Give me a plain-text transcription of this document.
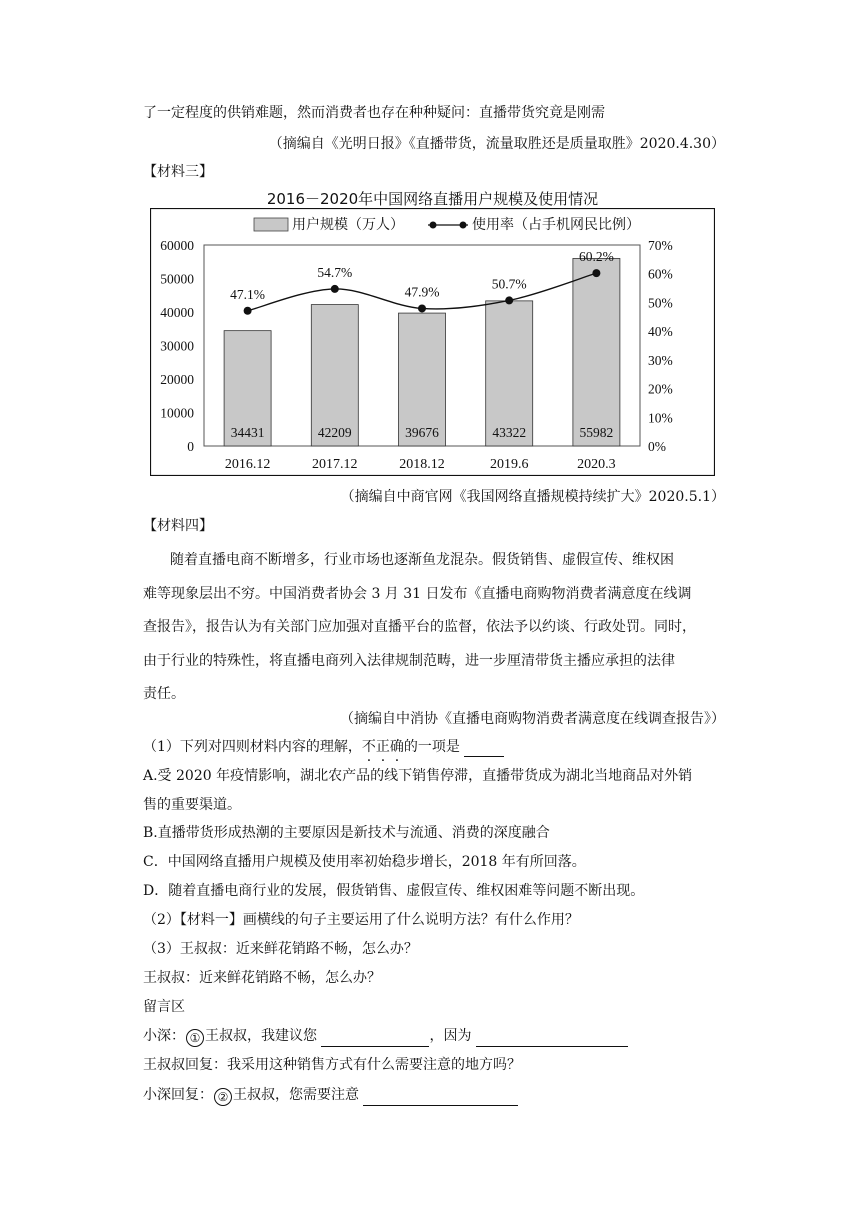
了一定程度的供销难题，然而消费者也存在种种疑问：直播带货究竟是刚需
（摘编自《光明日报》《直播带货，流量取胜还是质量取胜》2020.4.30）
【材料三】
2016－2020年中国网络直播用户规模及使用情况
用户规模（万人）	使用率（占手机网民比例）
60000
50000
40000
30000
20000
10000
0
70%
60%
50%
40%
30%
20%
10%
0%
34431
2016.12
42209
2017.12
39676
2018.12
43322
2019.6
55982
2020.3
47.1%
54.7%
47.9%
50.7%
60.2%
（摘编自中商官网《我国网络直播规模持续扩大》2020.5.1）
【材料四】
随着直播电商不断增多，行业市场也逐渐鱼龙混杂。假货销售、虚假宣传、维权困
难等现象层出不穷。中国消费者协会 3 月 31 日发布《直播电商购物消费者满意度在线调
查报告》，报告认为有关部门应加强对直播平台的监督，依法予以约谈、行政处罚。同时，
由于行业的特殊性，将直播电商列入法律规制范畴，进一步厘清带货主播应承担的法律
责任。
（摘编自中消协《直播电商购物消费者满意度在线调查报告》）
（1）下列对四则材料内容的理解，不正确的一项是
A.受 2020 年疫情影响，湖北农产品的线下销售停滞，直播带货成为湖北当地商品对外销
售的重要渠道。
B.直播带货形成热潮的主要原因是新技术与流通、消费的深度融合
C．中国网络直播用户规模及使用率初始稳步增长，2018 年有所回落。
D．随着直播电商行业的发展，假货销售、虚假宣传、维权困难等问题不断出现。
（2）【材料一】画横线的句子主要运用了什么说明方法？有什么作用？
（3）王叔叔：近来鲜花销路不畅，怎么办？
王叔叔：近来鲜花销路不畅，怎么办？
留言区
小深： ① 王叔叔，我建议您	，因为
王叔叔回复：我采用这种销售方式有什么需要注意的地方吗？
小深回复： ② 王叔叔，您需要注意
